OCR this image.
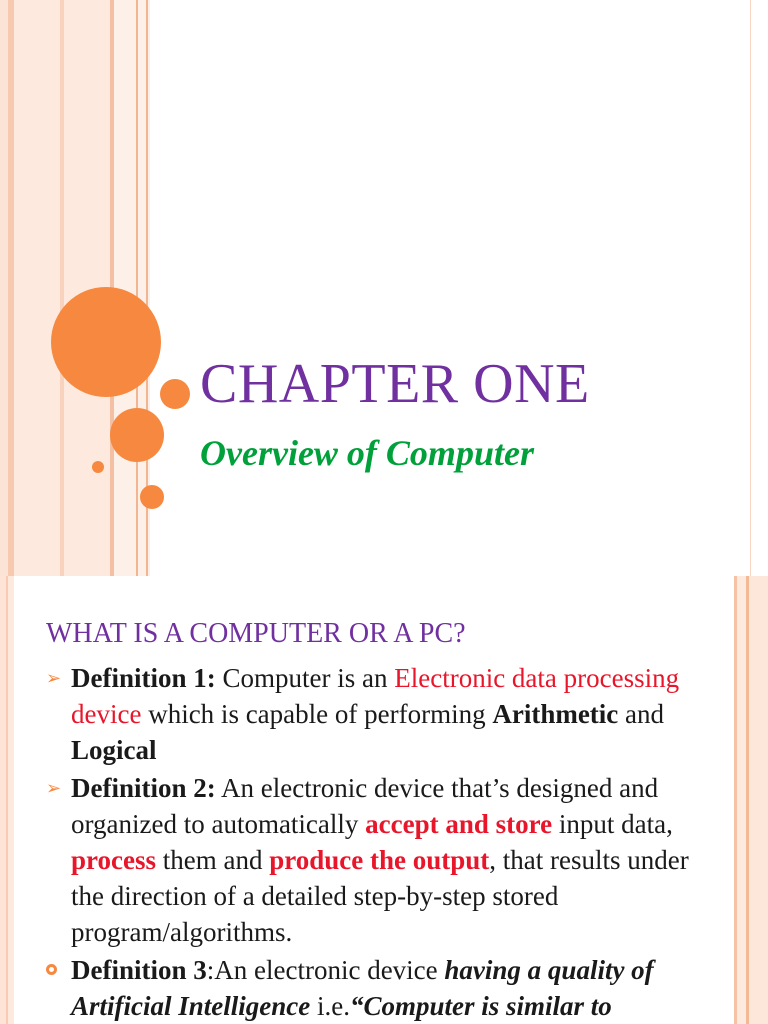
CHAPTER ONE
Overview of Computer
WHAT IS A COMPUTER OR A PC?
➢ Definition 1: Computer is an Electronic data processing device which is capable of performing Arithmetic and Logical
➢ Definition 2: An electronic device that’s designed and organized to automatically accept and store input data, process them and produce the output, that results under the direction of a detailed step-by-step stored program/algorithms.
Definition 3:An electronic device having a quality of Artificial Intelligence i.e.“Computer is similar to
